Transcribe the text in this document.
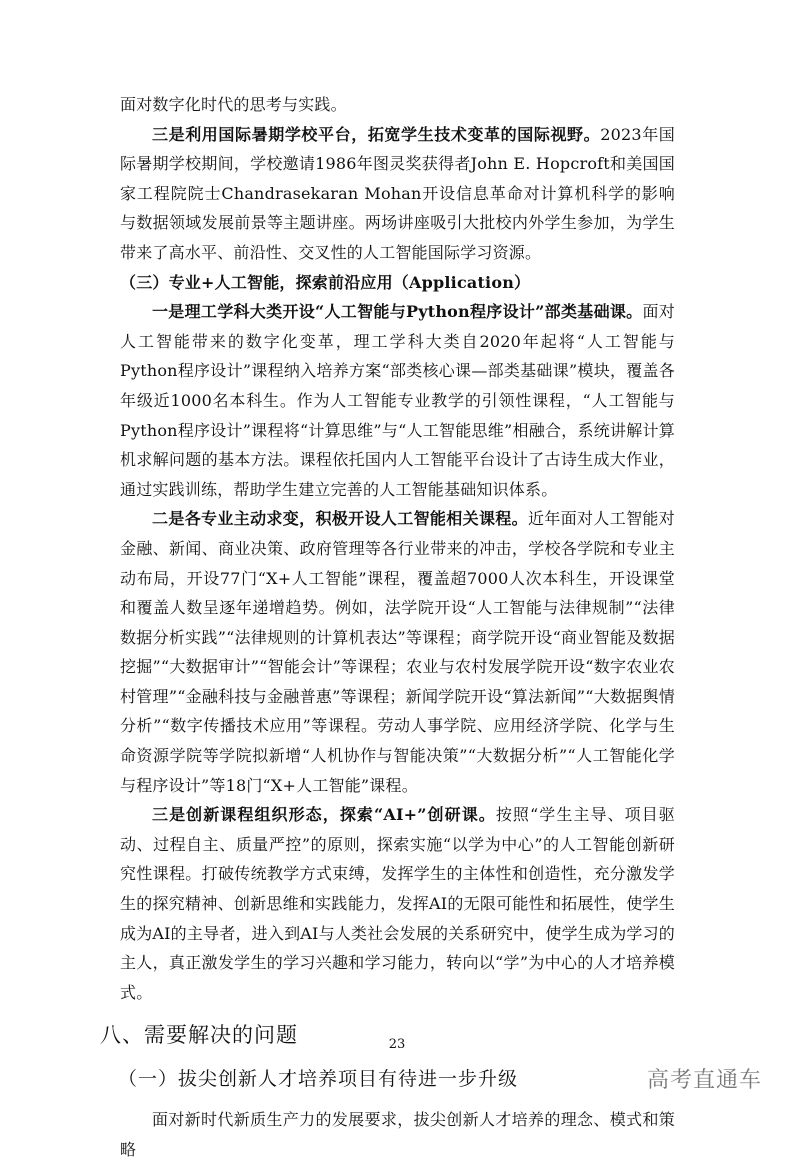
面对数字化时代的思考与实践。

三是利用国际暑期学校平台，拓宽学生技术变革的国际视野。2023年国际暑期学校期间，学校邀请1986年图灵奖获得者John E. Hopcroft和美国国家工程院院士Chandrasekaran Mohan开设信息革命对计算机科学的影响与数据领域发展前景等主题讲座。两场讲座吸引大批校内外学生参加，为学生带来了高水平、前沿性、交叉性的人工智能国际学习资源。

（三）专业+人工智能，探索前沿应用（Application）

一是理工学科大类开设“人工智能与Python程序设计”部类基础课。面对人工智能带来的数字化变革，理工学科大类自2020年起将“人工智能与Python程序设计”课程纳入培养方案“部类核心课—部类基础课”模块，覆盖各年级近1000名本科生。作为人工智能专业教学的引领性课程，“人工智能与Python程序设计”课程将“计算思维”与“人工智能思维”相融合，系统讲解计算机求解问题的基本方法。课程依托国内人工智能平台设计了古诗生成大作业，通过实践训练，帮助学生建立完善的人工智能基础知识体系。

二是各专业主动求变，积极开设人工智能相关课程。近年面对人工智能对金融、新闻、商业决策、政府管理等各行业带来的冲击，学校各学院和专业主动布局，开设77门“X+人工智能”课程，覆盖超7000人次本科生，开设课堂和覆盖人数呈逐年递增趋势。例如，法学院开设“人工智能与法律规制”“法律数据分析实践”“法律规则的计算机表达”等课程；商学院开设“商业智能及数据挖掘”“大数据审计”“智能会计”等课程；农业与农村发展学院开设“数字农业农村管理”“金融科技与金融普惠”等课程；新闻学院开设“算法新闻”“大数据舆情分析”“数字传播技术应用”等课程。劳动人事学院、应用经济学院、化学与生命资源学院等学院拟新增“人机协作与智能决策”“大数据分析”“人工智能化学与程序设计”等18门“X+人工智能”课程。

三是创新课程组织形态，探索“AI+”创研课。按照“学生主导、项目驱动、过程自主、质量严控”的原则，探索实施“以学为中心”的人工智能创新研究性课程。打破传统教学方式束缚，发挥学生的主体性和创造性，充分激发学生的探究精神、创新思维和实践能力，发挥AI的无限可能性和拓展性，使学生成为AI的主导者，进入到AI与人类社会发展的关系研究中，使学生成为学习的主人，真正激发学生的学习兴趣和学习能力，转向以“学”为中心的人才培养模式。

八、需要解决的问题
（一）拔尖创新人才培养项目有待进一步升级

面对新时代新质生产力的发展要求，拔尖创新人才培养的理念、模式和策略

23
高考直通车
